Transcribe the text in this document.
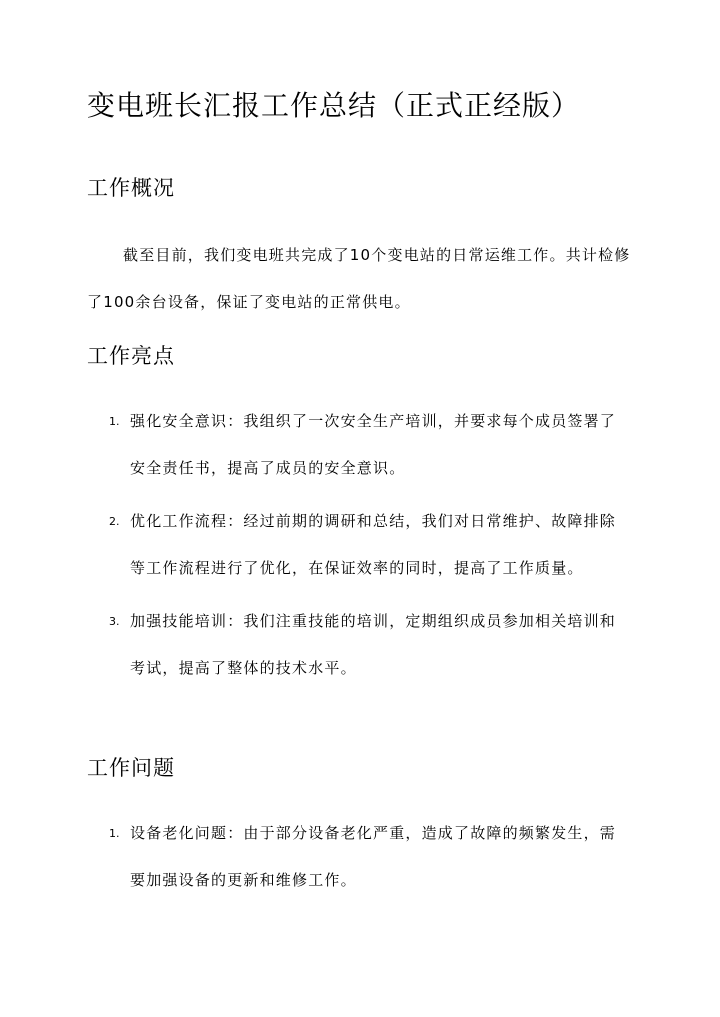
变电班长汇报工作总结（正式正经版）
工作概况

截至目前，我们变电班共完成了10个变电站的日常运维工作。共计检修了100余台设备，保证了变电站的正常供电。

工作亮点
1. 强化安全意识：我组织了一次安全生产培训，并要求每个成员签署了安全责任书，提高了成员的安全意识。
2. 优化工作流程：经过前期的调研和总结，我们对日常维护、故障排除等工作流程进行了优化，在保证效率的同时，提高了工作质量。
3. 加强技能培训：我们注重技能的培训，定期组织成员参加相关培训和考试，提高了整体的技术水平。
工作问题
1. 设备老化问题：由于部分设备老化严重，造成了故障的频繁发生，需要加强设备的更新和维修工作。
